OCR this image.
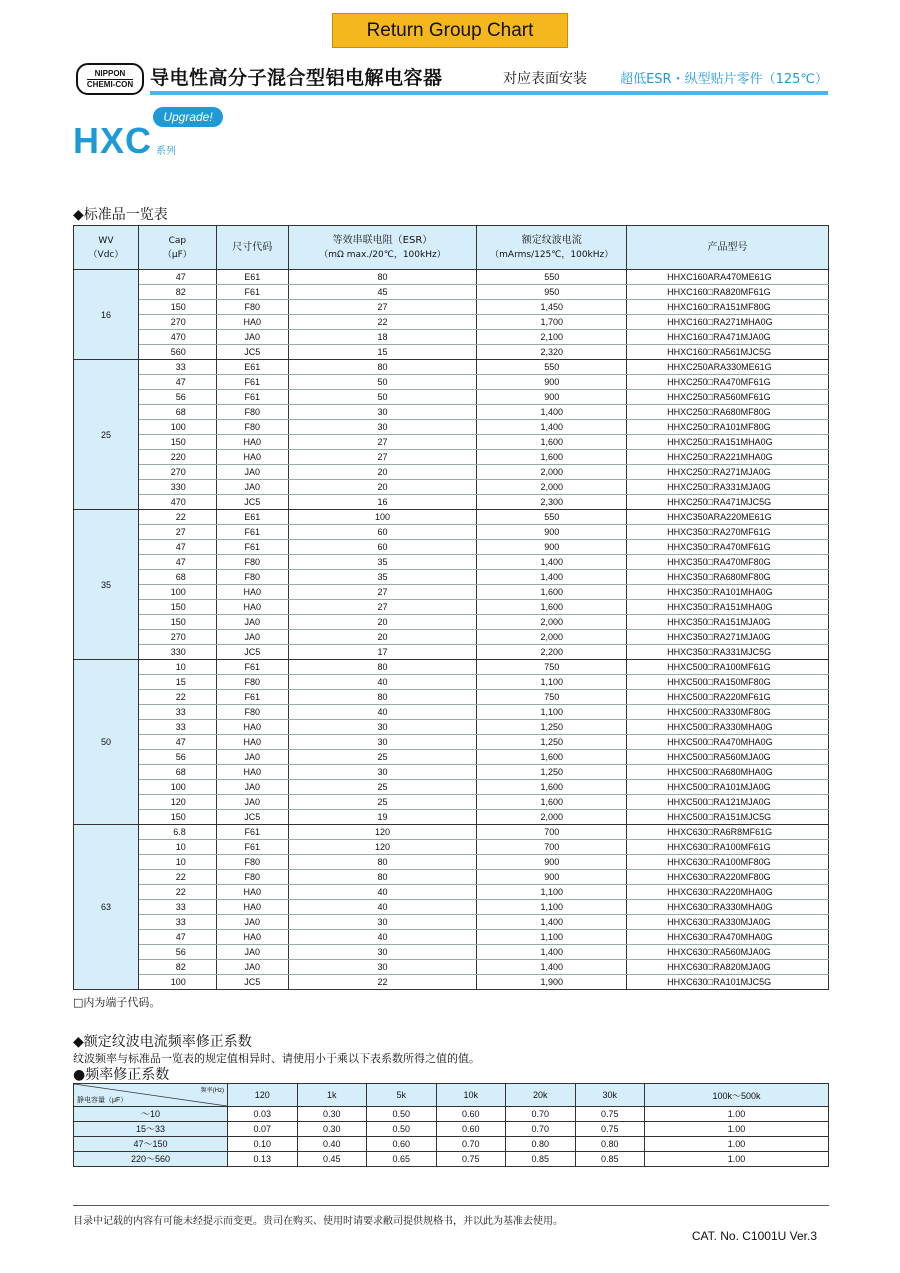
Return Group Chart
NIPPON
CHEMI-CON 导电性高分子混合型铝电解电容器	对应表面安装	超低ESR・纵型贴片零件（125℃）
Upgrade!
HXC 系列
◆标准品一览表
WV
（Vdc）	Cap
（μF）	尺寸代码	等效串联电阻（ESR）
（mΩ max./20℃，100kHz）	额定纹波电流
（mArms/125℃，100kHz）	产品型号
16	47	E61	80	550	HHXC160ARA470ME61G
	82	F61	45	950	HHXC160□RA820MF61G
	150	F80	27	1,450	HHXC160□RA151MF80G
	270	HA0	22	1,700	HHXC160□RA271MHA0G
	470	JA0	18	2,100	HHXC160□RA471MJA0G
	560	JC5	15	2,320	HHXC160□RA561MJC5G
25	33	E61	80	550	HHXC250ARA330ME61G
	47	F61	50	900	HHXC250□RA470MF61G
	56	F61	50	900	HHXC250□RA560MF61G
	68	F80	30	1,400	HHXC250□RA680MF80G
	100	F80	30	1,400	HHXC250□RA101MF80G
	150	HA0	27	1,600	HHXC250□RA151MHA0G
	220	HA0	27	1,600	HHXC250□RA221MHA0G
	270	JA0	20	2,000	HHXC250□RA271MJA0G
	330	JA0	20	2,000	HHXC250□RA331MJA0G
	470	JC5	16	2,300	HHXC250□RA471MJC5G
35	22	E61	100	550	HHXC350ARA220ME61G
	27	F61	60	900	HHXC350□RA270MF61G
	47	F61	60	900	HHXC350□RA470MF61G
	47	F80	35	1,400	HHXC350□RA470MF80G
	68	F80	35	1,400	HHXC350□RA680MF80G
	100	HA0	27	1,600	HHXC350□RA101MHA0G
	150	HA0	27	1,600	HHXC350□RA151MHA0G
	150	JA0	20	2,000	HHXC350□RA151MJA0G
	270	JA0	20	2,000	HHXC350□RA271MJA0G
	330	JC5	17	2,200	HHXC350□RA331MJC5G
50	10	F61	80	750	HHXC500□RA100MF61G
	15	F80	40	1,100	HHXC500□RA150MF80G
	22	F61	80	750	HHXC500□RA220MF61G
	33	F80	40	1,100	HHXC500□RA330MF80G
	33	HA0	30	1,250	HHXC500□RA330MHA0G
	47	HA0	30	1,250	HHXC500□RA470MHA0G
	56	JA0	25	1,600	HHXC500□RA560MJA0G
	68	HA0	30	1,250	HHXC500□RA680MHA0G
	100	JA0	25	1,600	HHXC500□RA101MJA0G
	120	JA0	25	1,600	HHXC500□RA121MJA0G
	150	JC5	19	2,000	HHXC500□RA151MJC5G
63	6.8	F61	120	700	HHXC630□RA6R8MF61G
	10	F61	120	700	HHXC630□RA100MF61G
	10	F80	80	900	HHXC630□RA100MF80G
	22	F80	80	900	HHXC630□RA220MF80G
	22	HA0	40	1,100	HHXC630□RA220MHA0G
	33	HA0	40	1,100	HHXC630□RA330MHA0G
	33	JA0	30	1,400	HHXC630□RA330MJA0G
	47	HA0	40	1,100	HHXC630□RA470MHA0G
	56	JA0	30	1,400	HHXC630□RA560MJA0G
	82	JA0	30	1,400	HHXC630□RA820MJA0G
	100	JC5	22	1,900	HHXC630□RA101MJC5G
□内为端子代码。
◆额定纹波电流频率修正系数
纹波频率与标准品一览表的规定值相异时、请使用小于乘以下表系数所得之值的值。
●频率修正系数
频率(Hz)
静电容量（μF）	120	1k	5k	10k	20k	30k	100k～500k
～10	0.03	0.30	0.50	0.60	0.70	0.75	1.00
15～33	0.07	0.30	0.50	0.60	0.70	0.75	1.00
47～150	0.10	0.40	0.60	0.70	0.80	0.80	1.00
220～560	0.13	0.45	0.65	0.75	0.85	0.85	1.00
目录中记载的内容有可能未经提示而变更。贵司在购买、使用时请要求敝司提供规格书，并以此为基准去使用。
CAT. No. C1001U Ver.3
